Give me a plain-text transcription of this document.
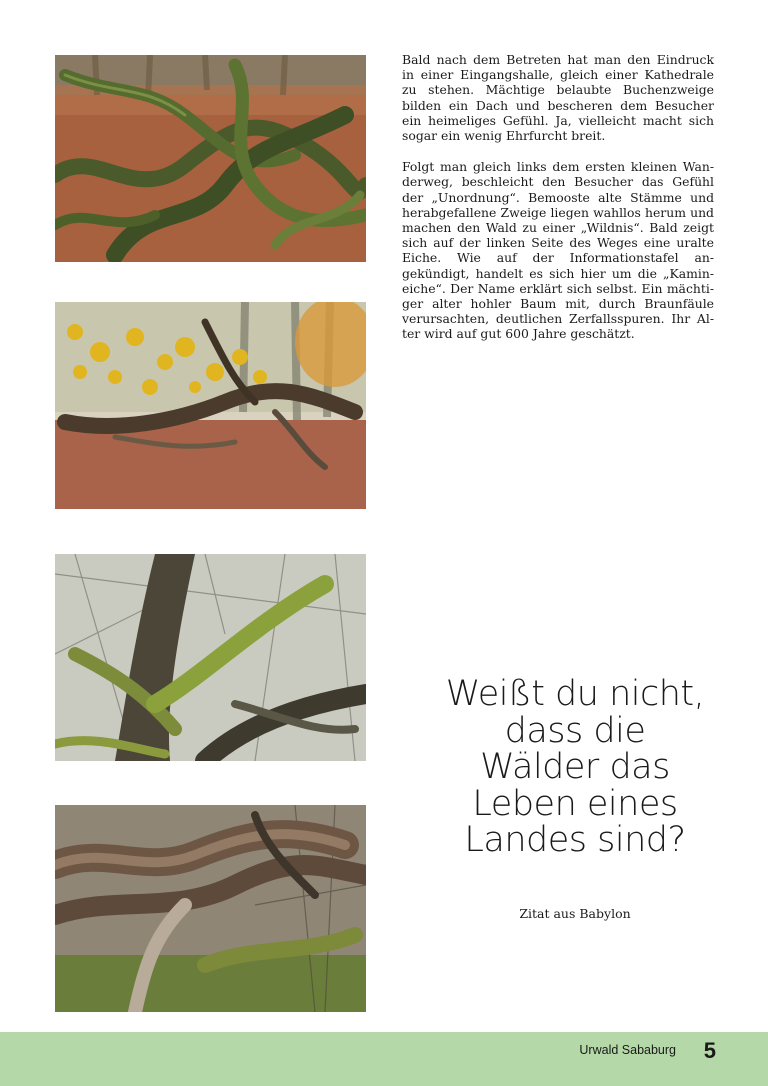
Bald nach dem Betreten hat man den Eindruck in einer Eingangshalle, gleich einer Kathedrale zu stehen. Mächtige belaubte Buchenzweige bilden ein Dach und bescheren dem Besucher ein heimeliges Gefühl. Ja, vielleicht macht sich sogar ein wenig Ehrfurcht breit.

Folgt man gleich links dem ersten kleinen Wanderweg, beschleicht den Besucher das Gefühl der „Unordnung“. Bemooste alte Stämme und herabgefallene Zweige liegen wahllos herum und machen den Wald zu einer „Wildnis“. Bald zeigt sich auf der linken Seite des Weges eine uralte Eiche. Wie auf der Informationstafel angekündigt, handelt es sich hier um die „Kamineiche“. Der Name erklärt sich selbst. Ein mächtiger alter hohler Baum mit, durch Braunfäule verursachten, deutlichen Zerfallsspuren. Ihr Alter wird auf gut 600 Jahre geschätzt.

Weißt du nicht,
dass die
Wälder das
Leben eines
Landes sind?
Zitat aus Babylon
Urwald Sababurg 5
